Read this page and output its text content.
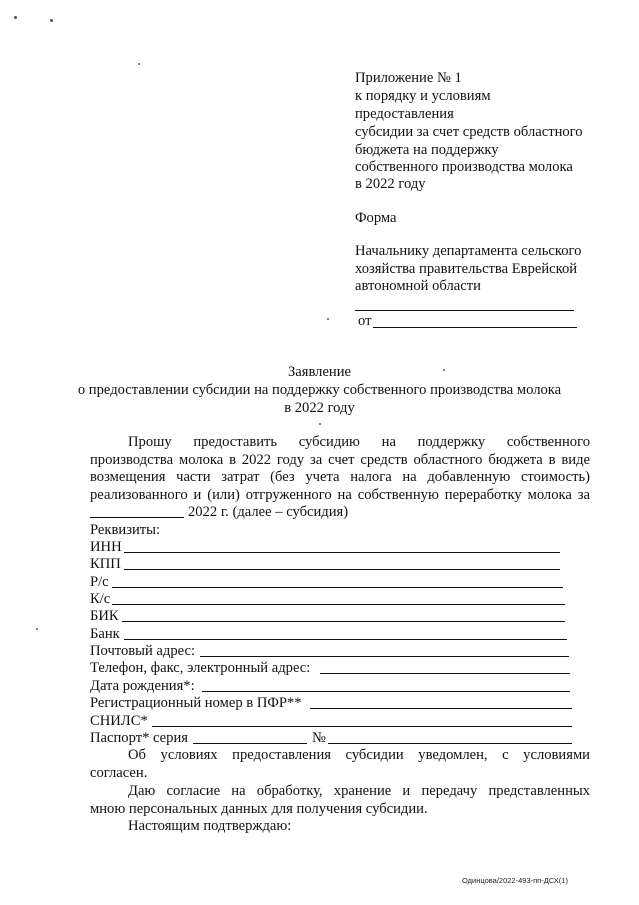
Приложение № 1
к порядку и условиям
предоставления
субсидии за счет средств областного
бюджета на поддержку
собственного производства молока
в 2022 году
Форма
Начальнику департамента сельского
хозяйства правительства Еврейской
автономной области
от
Заявление
о предоставлении субсидии на поддержку собственного производства молока
в 2022 году
Прошу предоставить субсидию на поддержку собственного
производства молока в 2022 году за счет средств областного бюджета в виде
возмещения части затрат (без учета налога на добавленную стоимость)
реализованного и (или) отгруженного на собственную переработку молока за
2022 г. (далее – субсидия)
Реквизиты:
ИНН
КПП
Р/с
К/с
БИК
Банк
Почтовый адрес:
Телефон, факс, электронный адрес:
Дата рождения*:
Регистрационный номер в ПФР**
СНИЛС*
Паспорт* серия	№
Об условиях предоставления субсидии уведомлен, с условиями
согласен.
Даю согласие на обработку, хранение и передачу представленных
мною персональных данных для получения субсидии.
Настоящим подтверждаю:
Одинцова/2022-493-пп-ДСХ(1)
